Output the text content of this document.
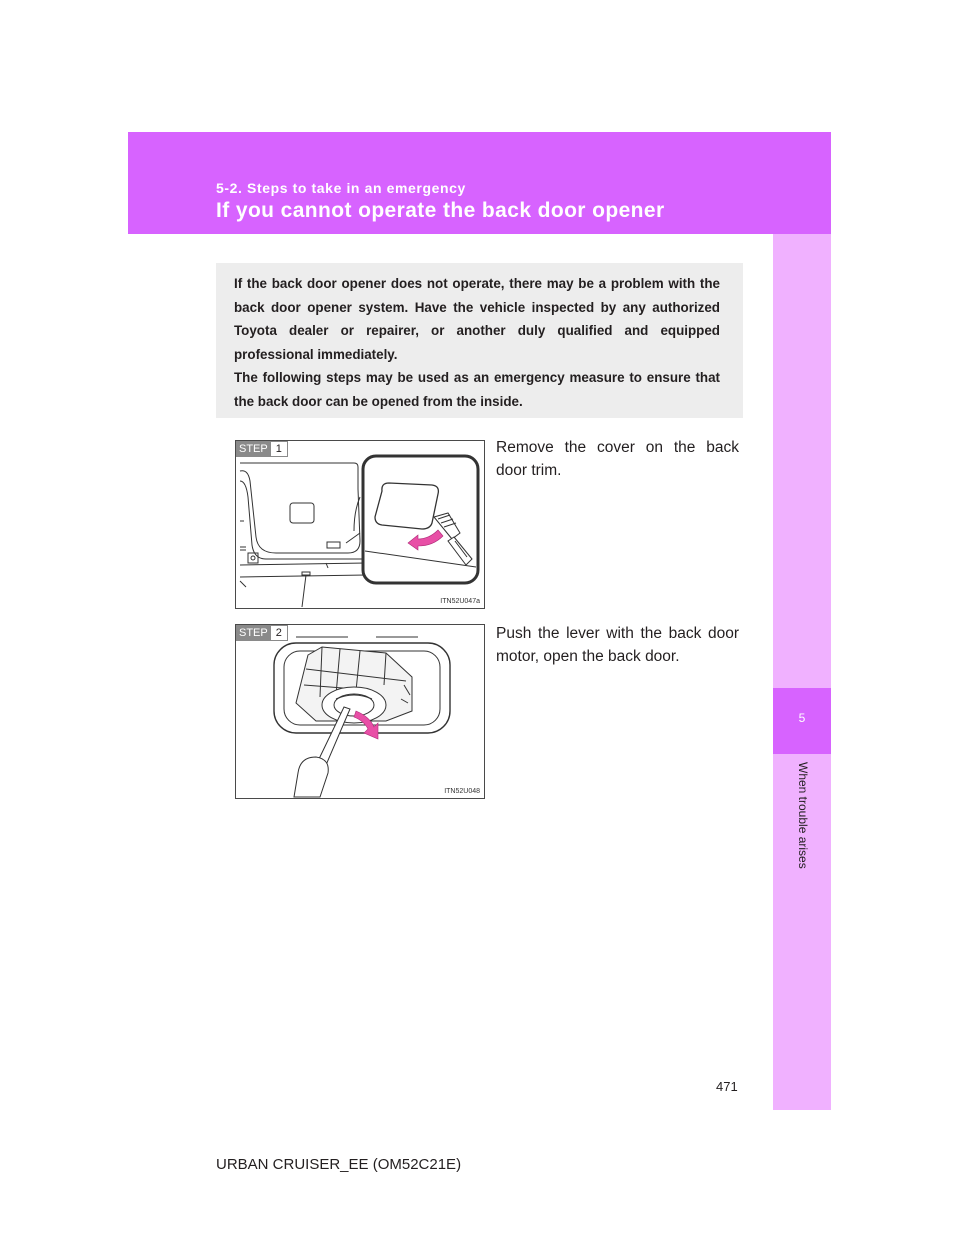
5-2. Steps to take in an emergency
If you cannot operate the back door opener
5
When trouble arises

If the back door opener does not operate, there may be a problem with the back door opener system. Have the vehicle inspected by any authorized Toyota dealer or repairer, or another duly qualified and equipped professional immediately.

The following steps may be used as an emergency measure to ensure that the back door can be opened from the inside.

STEP 1
ITN52U047a
Remove the cover on the back door trim.
STEP 2
ITN52U048
Push the lever with the back door motor, open the back door.
471
URBAN CRUISER_EE (OM52C21E)
